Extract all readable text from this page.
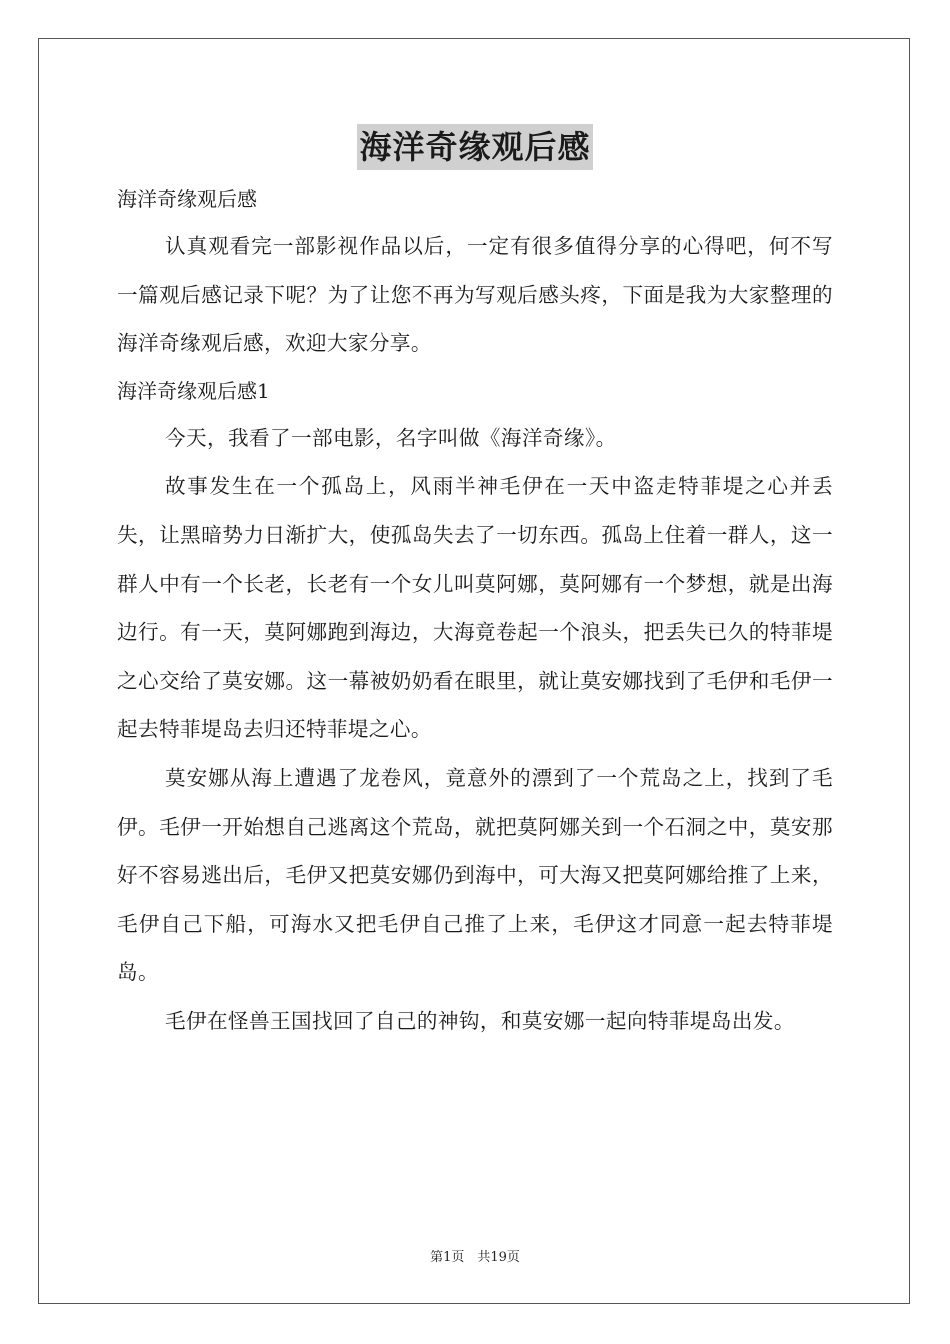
海洋奇缘观后感

海洋奇缘观后感

认真观看完一部影视作品以后，一定有很多值得分享的心得吧，何不写一篇观后感记录下呢？为了让您不再为写观后感头疼，下面是我为大家整理的海洋奇缘观后感，欢迎大家分享。

海洋奇缘观后感1

今天，我看了一部电影，名字叫做《海洋奇缘》。

故事发生在一个孤岛上，风雨半神毛伊在一天中盗走特菲堤之心并丢失，让黑暗势力日渐扩大，使孤岛失去了一切东西。孤岛上住着一群人，这一群人中有一个长老，长老有一个女儿叫莫阿娜，莫阿娜有一个梦想，就是出海边行。有一天，莫阿娜跑到海边，大海竟卷起一个浪头，把丢失已久的特菲堤之心交给了莫安娜。这一幕被奶奶看在眼里，就让莫安娜找到了毛伊和毛伊一起去特菲堤岛去归还特菲堤之心。

莫安娜从海上遭遇了龙卷风，竟意外的漂到了一个荒岛之上，找到了毛伊。毛伊一开始想自己逃离这个荒岛，就把莫阿娜关到一个石洞之中，莫安那好不容易逃出后，毛伊又把莫安娜仍到海中，可大海又把莫阿娜给推了上来，毛伊自己下船，可海水又把毛伊自己推了上来，毛伊这才同意一起去特菲堤岛。

毛伊在怪兽王国找回了自己的神钩，和莫安娜一起向特菲堤岛出发。

第1页　共19页
